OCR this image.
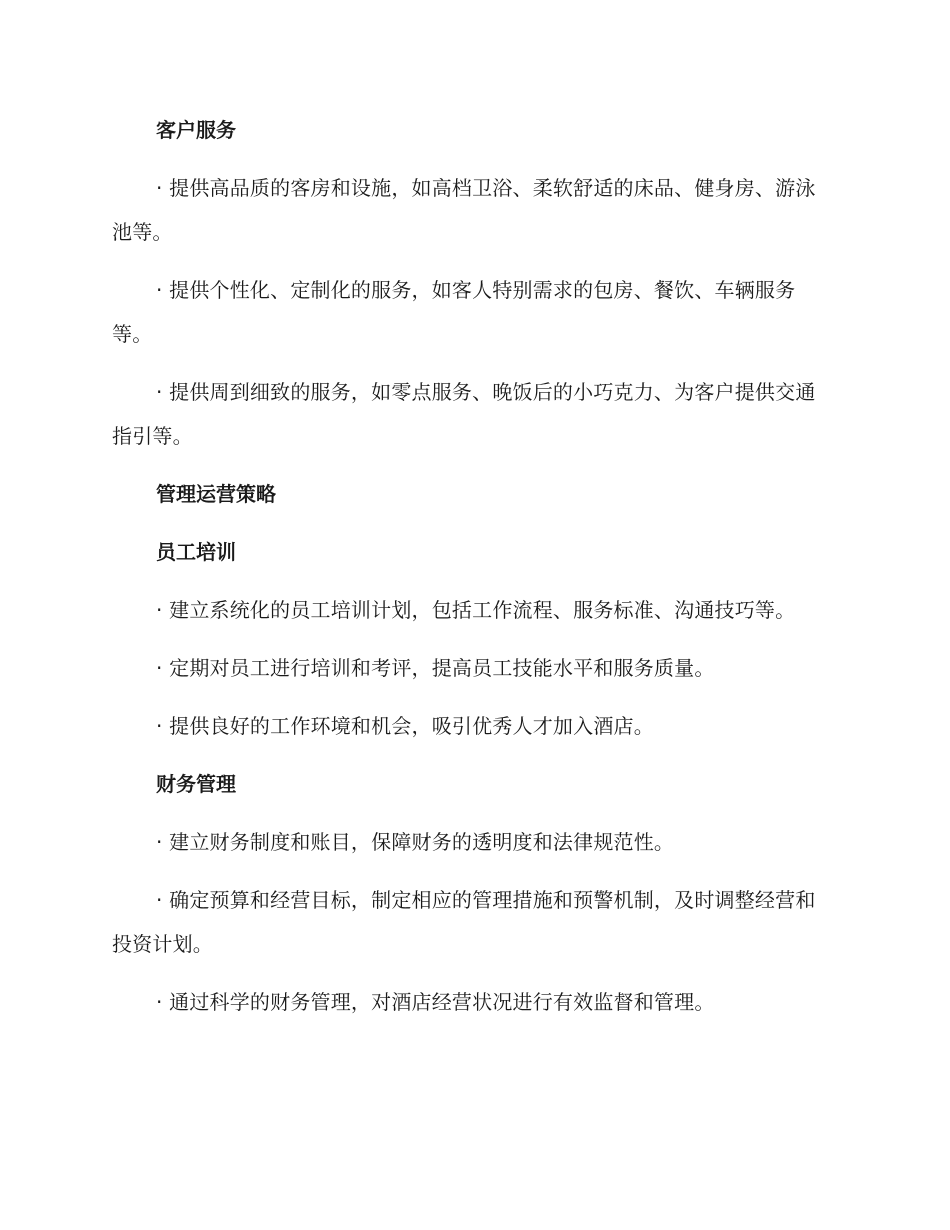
客户服务

· 提供高品质的客房和设施，如高档卫浴、柔软舒适的床品、健身房、游泳池等。

· 提供个性化、定制化的服务，如客人特别需求的包房、餐饮、车辆服务等。

· 提供周到细致的服务，如零点服务、晚饭后的小巧克力、为客户提供交通指引等。

管理运营策略
员工培训

· 建立系统化的员工培训计划，包括工作流程、服务标准、沟通技巧等。

· 定期对员工进行培训和考评，提高员工技能水平和服务质量。

· 提供良好的工作环境和机会，吸引优秀人才加入酒店。

财务管理

· 建立财务制度和账目，保障财务的透明度和法律规范性。

· 确定预算和经营目标，制定相应的管理措施和预警机制，及时调整经营和投资计划。

· 通过科学的财务管理，对酒店经营状况进行有效监督和管理。
